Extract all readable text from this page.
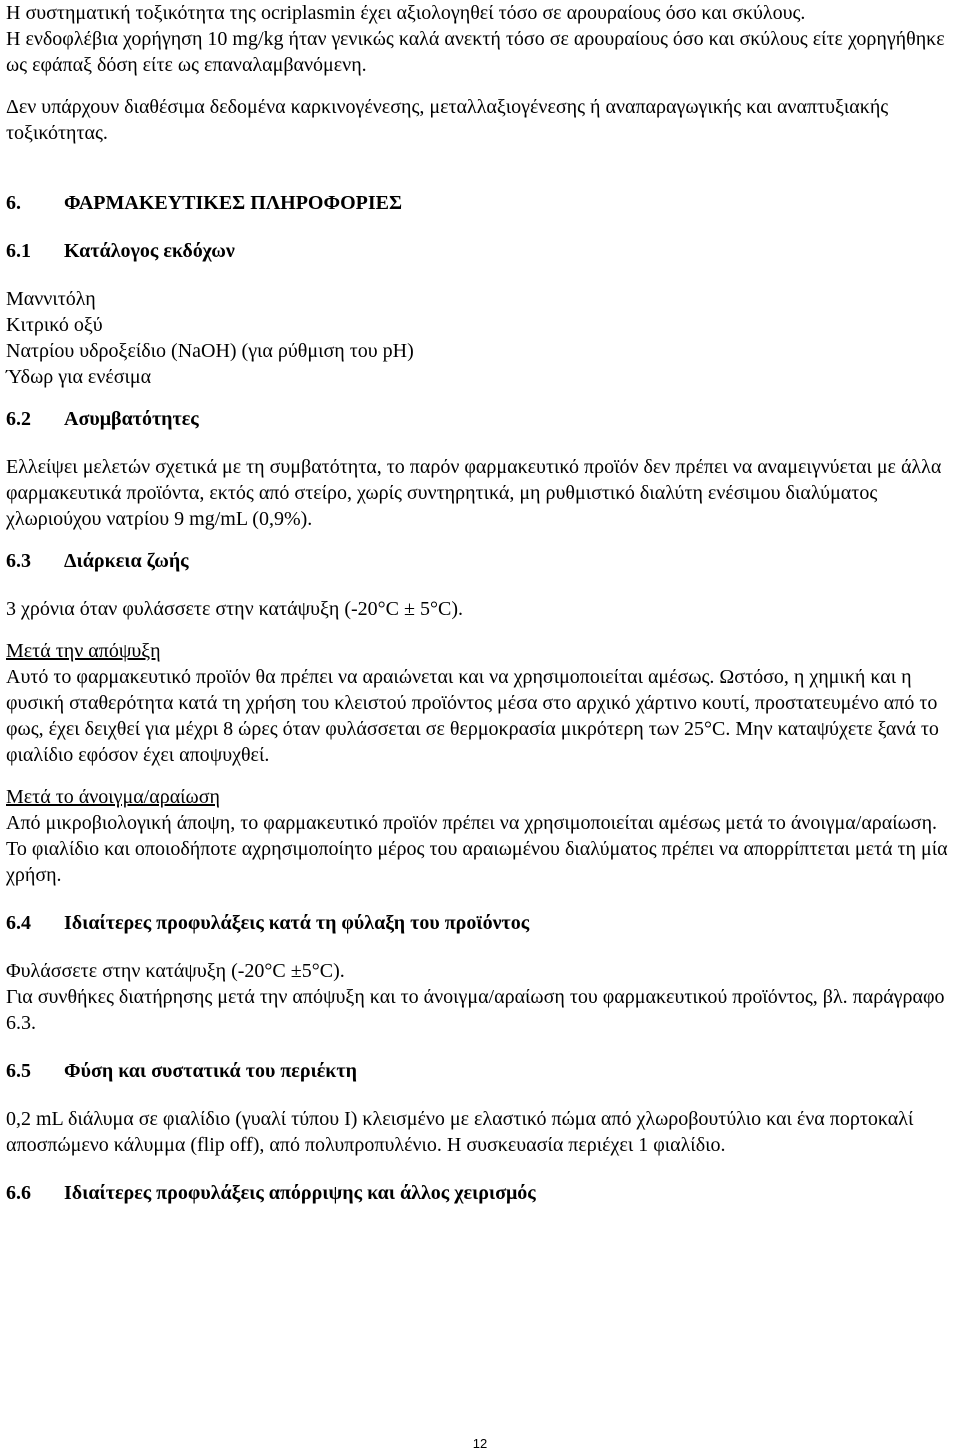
Η συστηματική τοξικότητα της ocriplasmin έχει αξιολογηθεί τόσο σε αρουραίους όσο και σκύλους.
Η ενδοφλέβια χορήγηση 10 mg/kg ήταν γενικώς καλά ανεκτή τόσο σε αρουραίους όσο και σκύλους είτε χορηγήθηκε ως εφάπαξ δόση είτε ως επαναλαμβανόμενη.

Δεν υπάρχουν διαθέσιμα δεδομένα καρκινογένεσης, μεταλλαξιογένεσης ή αναπαραγωγικής και αναπτυξιακής τοξικότητας.

6.	ΦΑΡΜΑΚΕΥΤΙΚΕΣ ΠΛΗΡΟΦΟΡΙΕΣ

6.1	Κατάλογος εκδόχων

Μαννιτόλη
Κιτρικό οξύ
Νατρίου υδροξείδιο (NaOH) (για ρύθμιση του pH)
Ύδωρ για ενέσιμα

6.2	Ασυμβατότητες

Ελλείψει μελετών σχετικά με τη συμβατότητα, το παρόν φαρμακευτικό προϊόν δεν πρέπει να αναμειγνύεται με άλλα φαρμακευτικά προϊόντα, εκτός από στείρο, χωρίς συντηρητικά, μη ρυθμιστικό διαλύτη ενέσιμου διαλύματος χλωριούχου νατρίου 9 mg/mL (0,9%).

6.3	Διάρκεια ζωής

3 χρόνια όταν φυλάσσετε στην κατάψυξη (-20°C ± 5°C).

Μετά την απόψυξη
Αυτό το φαρμακευτικό προϊόν θα πρέπει να αραιώνεται και να χρησιμοποιείται αμέσως. Ωστόσο, η χημική και η φυσική σταθερότητα κατά τη χρήση του κλειστού προϊόντος μέσα στο αρχικό χάρτινο κουτί, προστατευμένο από το φως, έχει δειχθεί για μέχρι 8 ώρες όταν φυλάσσεται σε θερμοκρασία μικρότερη των 25°C. Μην καταψύχετε ξανά το φιαλίδιο εφόσον έχει αποψυχθεί.

Μετά το άνοιγμα/αραίωση
Από μικροβιολογική άποψη, το φαρμακευτικό προϊόν πρέπει να χρησιμοποιείται αμέσως μετά το άνοιγμα/αραίωση. Το φιαλίδιο και οποιοδήποτε αχρησιμοποίητο μέρος του αραιωμένου διαλύματος πρέπει να απορρίπτεται μετά τη μία χρήση.

6.4	Ιδιαίτερες προφυλάξεις κατά τη φύλαξη του προϊόντος

Φυλάσσετε στην κατάψυξη (-20°C ±5°C).
Για συνθήκες διατήρησης μετά την απόψυξη και το άνοιγμα/αραίωση του φαρμακευτικού προϊόντος, βλ. παράγραφο 6.3.

6.5	Φύση και συστατικά του περιέκτη

0,2 mL διάλυμα σε φιαλίδιο (γυαλί τύπου I) κλεισμένο με ελαστικό πώμα από χλωροβουτύλιο και ένα πορτοκαλί αποσπώμενο κάλυμμα (flip off), από πολυπροπυλένιο. Η συσκευασία περιέχει 1 φιαλίδιο.

6.6	Ιδιαίτερες προφυλάξεις απόρριψης και άλλος χειρισμός

12
